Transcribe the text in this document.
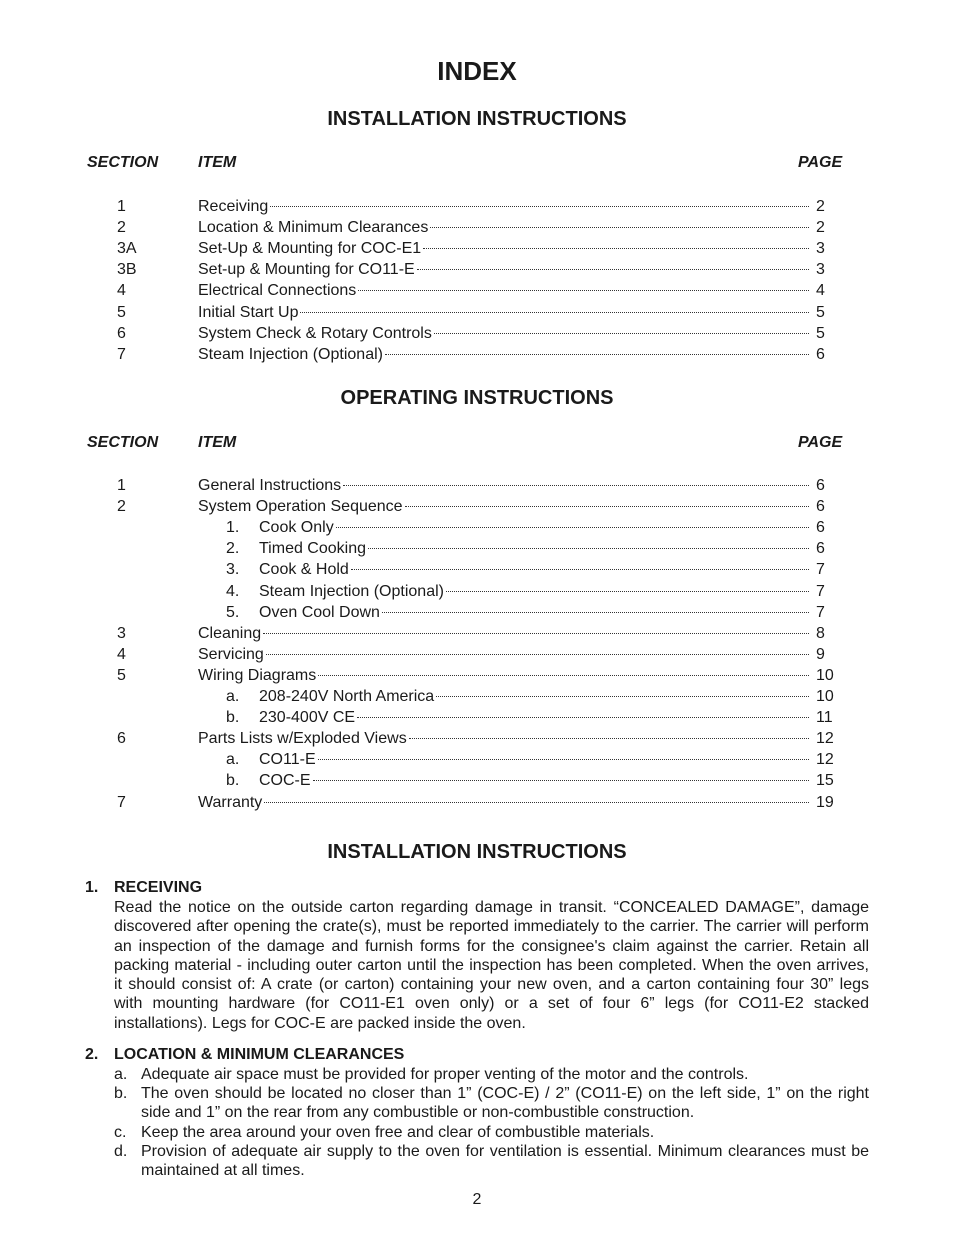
INDEX
INSTALLATION INSTRUCTIONS
SECTION ITEM	PAGE
1	Receiving	2
2	Location & Minimum Clearances	2
3A	Set-Up & Mounting for COC-E1	3
3B	Set-up & Mounting for CO11-E	3
4	Electrical Connections	4
5	Initial Start Up	5
6	System Check & Rotary Controls	5
7	Steam Injection (Optional)	6
OPERATING INSTRUCTIONS
SECTION ITEM	PAGE
1	General Instructions	6
2	System Operation Sequence	6
1.	Cook Only	6
2.	Timed Cooking	6
3.	Cook & Hold	7
4.	Steam Injection (Optional)	7
5.	Oven Cool Down	7
3	Cleaning	8
4	Servicing	9
5	Wiring Diagrams	10
a.	208-240V North America	10
b.	230-400V CE	11
6	Parts Lists w/Exploded Views	12
a.	CO11-E	12
b.	COC-E	15
7	Warranty	19
INSTALLATION INSTRUCTIONS
1. RECEIVING
Read the notice on the outside carton regarding damage in transit. “CONCEALED DAMAGE”, damage discovered after opening the crate(s), must be reported immediately to the carrier. The carrier will perform an inspection of the damage and furnish forms for the consignee's claim against the carrier. Retain all packing material - including outer carton until the inspection has been completed. When the oven arrives, it should consist of: A crate (or carton) containing your new oven, and a carton containing four 30” legs with mounting hardware (for CO11-E1 oven only) or a set of four 6” legs (for CO11-E2 stacked installations). Legs for COC-E are packed inside the oven.
2. LOCATION & MINIMUM CLEARANCES
a. Adequate air space must be provided for proper venting of the motor and the controls.
b. The oven should be located no closer than 1” (COC-E) / 2” (CO11-E) on the left side, 1” on the right side and 1” on the rear from any combustible or non-combustible construction.
c. Keep the area around your oven free and clear of combustible materials.
d. Provision of adequate air supply to the oven for ventilation is essential. Minimum clearances must be maintained at all times.
2
